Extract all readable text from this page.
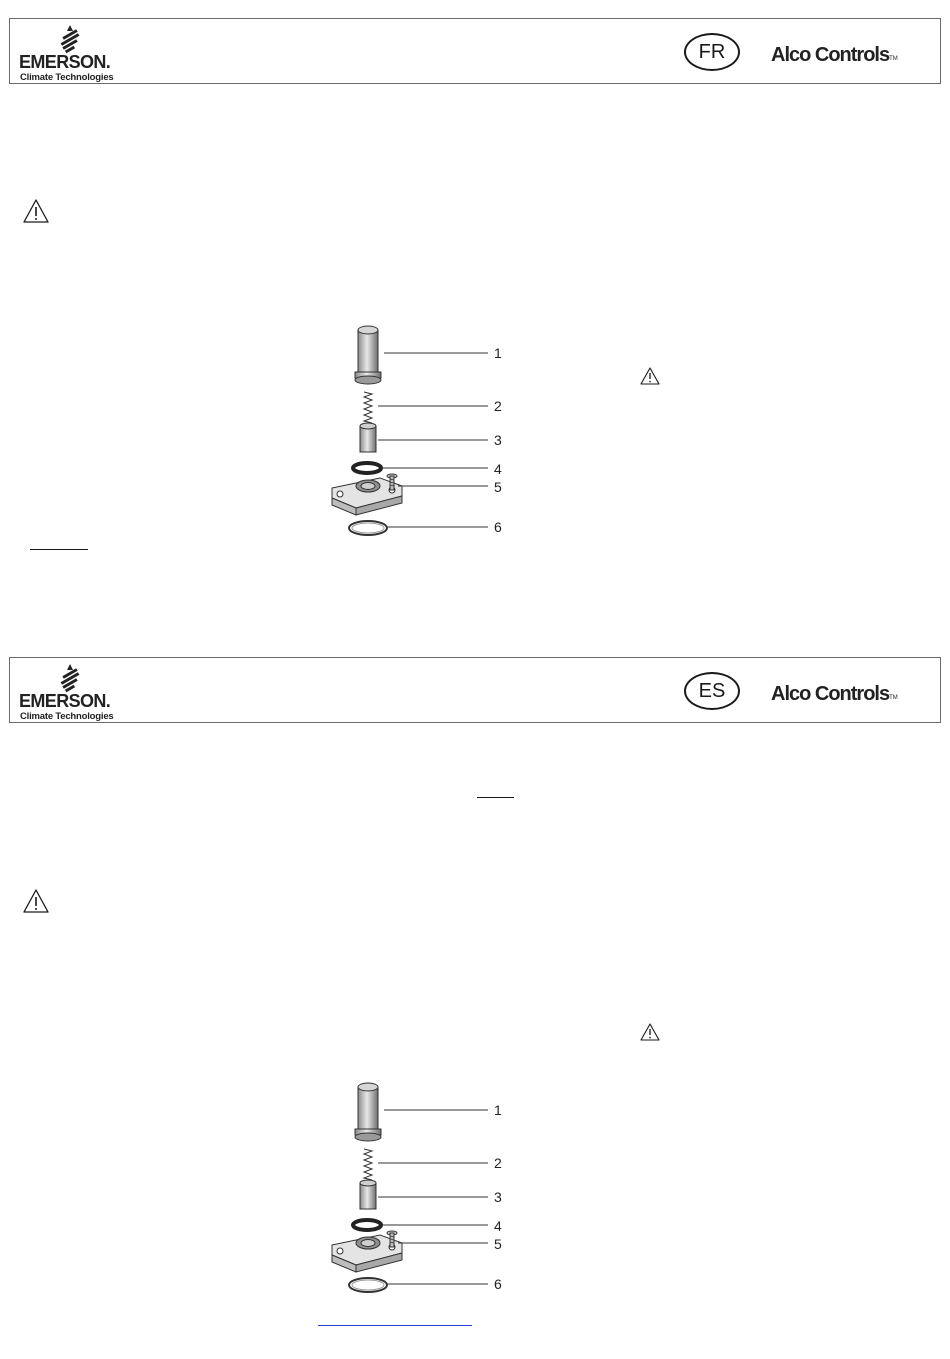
EMERSON.
Climate Technologies
FR	Alco Controls™
1
2
3
4
5
6
EMERSON.
Climate Technologies
ES	Alco Controls™
1
2
3
4
5
6
